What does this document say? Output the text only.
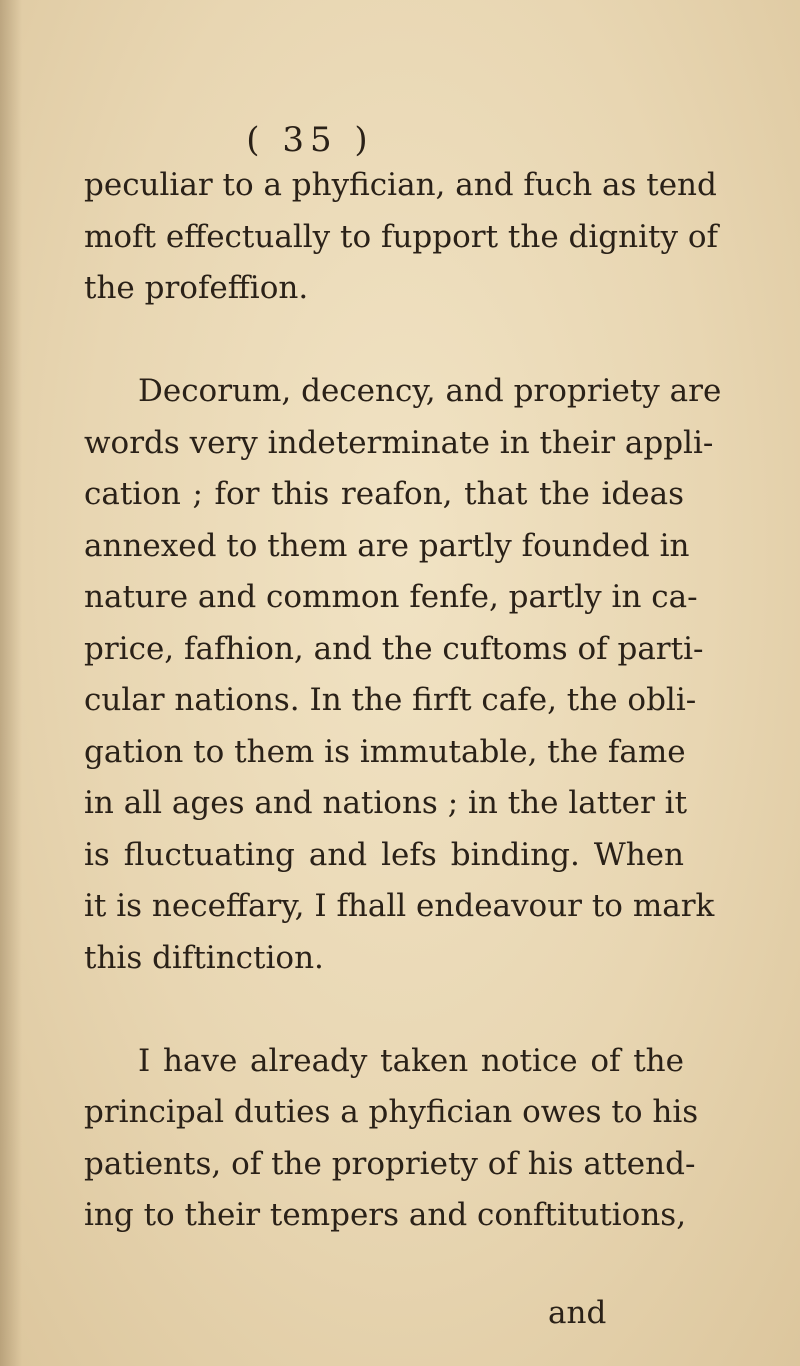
( 35 )
peculiar to a phyfician, and fuch as tend
moft effectually to fupport the dignity of
the profeffion.
Decorum, decency, and propriety are
words very indeterminate in their appli-
cation ; for this reafon, that the ideas
annexed to them are partly founded in
nature and common fenfe, partly in ca-
price, fafhion, and the cuftoms of parti-
cular nations. In the firft cafe, the obli-
gation to them is immutable, the fame
in all ages and nations ; in the latter it
is fluctuating and lefs binding. When
it is neceffary, I fhall endeavour to mark
this diftinction.
I have already taken notice of the
principal duties a phyfician owes to his
patients, of the propriety of his attend-
ing to their tempers and conftitutions,
and
